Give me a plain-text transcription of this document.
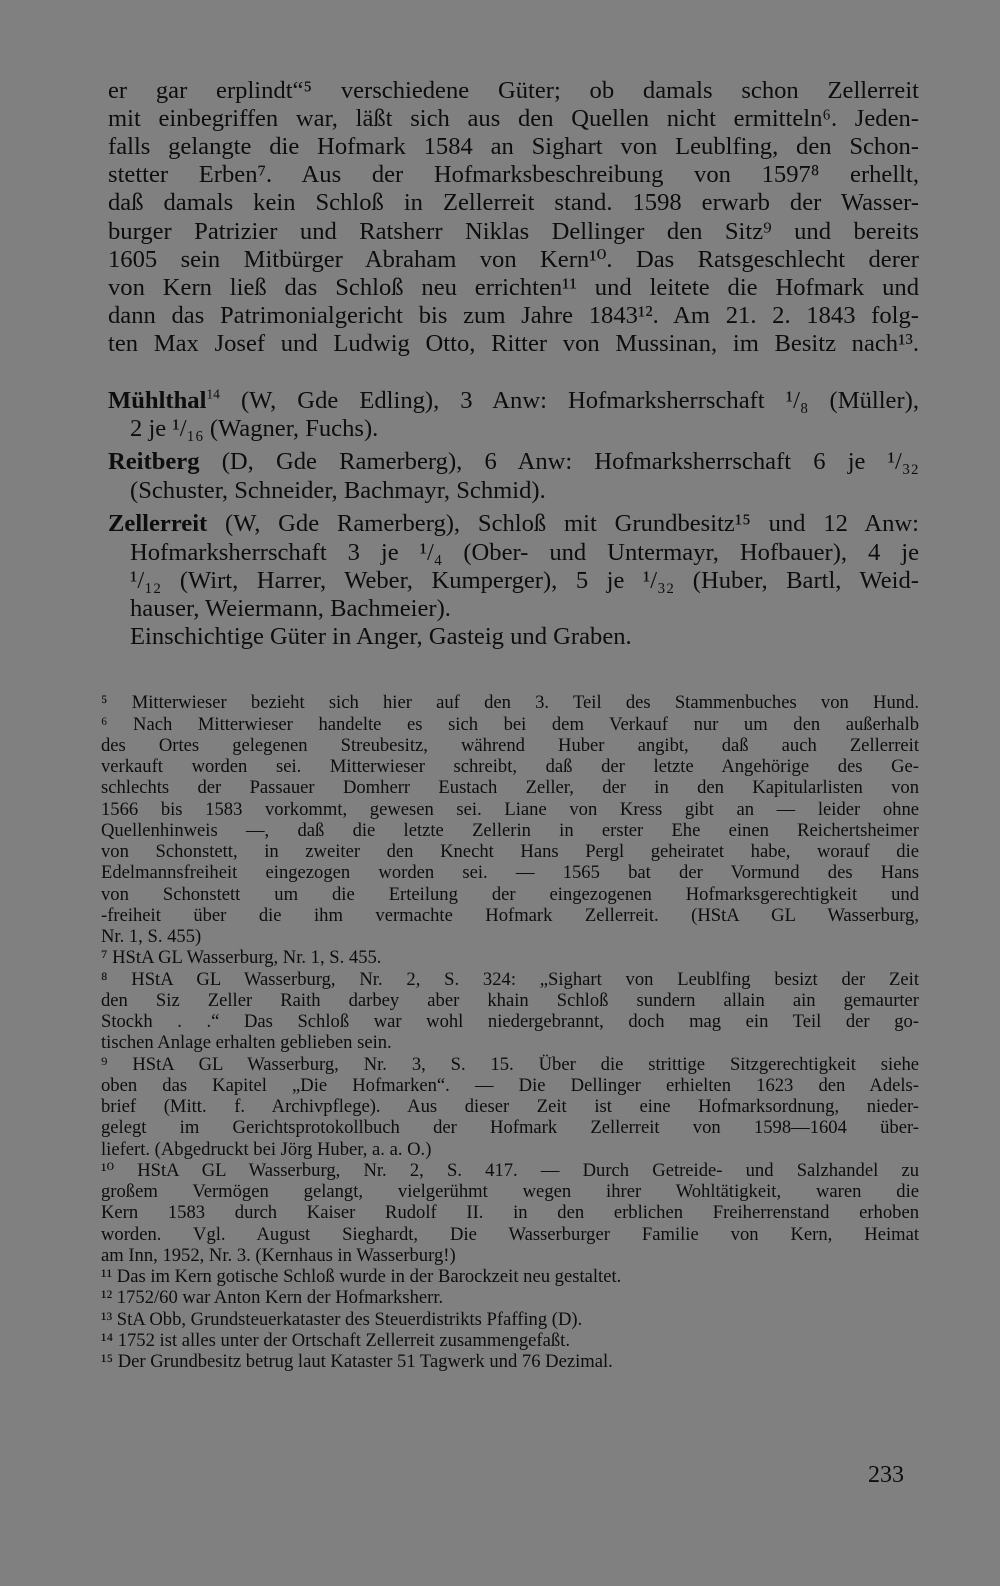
er gar erplindt“⁵ verschiedene Güter; ob damals schon Zellerreit
mit einbegriffen war, läßt sich aus den Quellen nicht ermitteln⁶. Jeden-
falls gelangte die Hofmark 1584 an Sighart von Leublfing, den Schon-
stetter Erben⁷. Aus der Hofmarksbeschreibung von 1597⁸ erhellt,
daß damals kein Schloß in Zellerreit stand. 1598 erwarb der Wasser-
burger Patrizier und Ratsherr Niklas Dellinger den Sitz⁹ und bereits
1605 sein Mitbürger Abraham von Kern¹⁰. Das Ratsgeschlecht derer
von Kern ließ das Schloß neu errichten¹¹ und leitete die Hofmark und
dann das Patrimonialgericht bis zum Jahre 1843¹². Am 21. 2. 1843 folg-
ten Max Josef und Ludwig Otto, Ritter von Mussinan, im Besitz nach¹³.
Mühlthal$^{14}$ (W, Gde Edling), 3 Anw: Hofmarksherrschaft ¹/₈ (Müller),
2 je ¹/₁₆ (Wagner, Fuchs).
Reitberg (D, Gde Ramerberg), 6 Anw: Hofmarksherrschaft 6 je ¹/₃₂
(Schuster, Schneider, Bachmayr, Schmid).
Zellerreit (W, Gde Ramerberg), Schloß mit Grundbesitz¹⁵ und 12 Anw:
Hofmarksherrschaft 3 je ¹/₄ (Ober- und Untermayr, Hofbauer), 4 je
¹/₁₂ (Wirt, Harrer, Weber, Kumperger), 5 je ¹/₃₂ (Huber, Bartl, Weid-
hauser, Weiermann, Bachmeier).
Einschichtige Güter in Anger, Gasteig und Graben.
⁵ Mitterwieser bezieht sich hier auf den 3. Teil des Stammenbuches von Hund.
⁶ Nach Mitterwieser handelte es sich bei dem Verkauf nur um den außerhalb
des Ortes gelegenen Streubesitz, während Huber angibt, daß auch Zellerreit
verkauft worden sei. Mitterwieser schreibt, daß der letzte Angehörige des Ge-
schlechts der Passauer Domherr Eustach Zeller, der in den Kapitularlisten von
1566 bis 1583 vorkommt, gewesen sei. Liane von Kress gibt an — leider ohne
Quellenhinweis —, daß die letzte Zellerin in erster Ehe einen Reichertsheimer
von Schonstett, in zweiter den Knecht Hans Pergl geheiratet habe, worauf die
Edelmannsfreiheit eingezogen worden sei. — 1565 bat der Vormund des Hans
von Schonstett um die Erteilung der eingezogenen Hofmarksgerechtigkeit und
-freiheit über die ihm vermachte Hofmark Zellerreit. (HStA GL Wasserburg,
Nr. 1, S. 455)
⁷ HStA GL Wasserburg, Nr. 1, S. 455.
⁸ HStA GL Wasserburg, Nr. 2, S. 324: „Sighart von Leublfing besizt der Zeit
den Siz Zeller Raith darbey aber khain Schloß sundern allain ain gemaurter
Stockh . .“ Das Schloß war wohl niedergebrannt, doch mag ein Teil der go-
tischen Anlage erhalten geblieben sein.
⁹ HStA GL Wasserburg, Nr. 3, S. 15. Über die strittige Sitzgerechtigkeit siehe
oben das Kapitel „Die Hofmarken“. — Die Dellinger erhielten 1623 den Adels-
brief (Mitt. f. Archivpflege). Aus dieser Zeit ist eine Hofmarksordnung, nieder-
gelegt im Gerichtsprotokollbuch der Hofmark Zellerreit von 1598—1604 über-
liefert. (Abgedruckt bei Jörg Huber, a. a. O.)
¹⁰ HStA GL Wasserburg, Nr. 2, S. 417. — Durch Getreide- und Salzhandel zu
großem Vermögen gelangt, vielgerühmt wegen ihrer Wohltätigkeit, waren die
Kern 1583 durch Kaiser Rudolf II. in den erblichen Freiherrenstand erhoben
worden. Vgl. August Sieghardt, Die Wasserburger Familie von Kern, Heimat
am Inn, 1952, Nr. 3. (Kernhaus in Wasserburg!)
¹¹ Das im Kern gotische Schloß wurde in der Barockzeit neu gestaltet.
¹² 1752/60 war Anton Kern der Hofmarksherr.
¹³ StA Obb, Grundsteuerkataster des Steuerdistrikts Pfaffing (D).
¹⁴ 1752 ist alles unter der Ortschaft Zellerreit zusammengefaßt.
¹⁵ Der Grundbesitz betrug laut Kataster 51 Tagwerk und 76 Dezimal.
233
